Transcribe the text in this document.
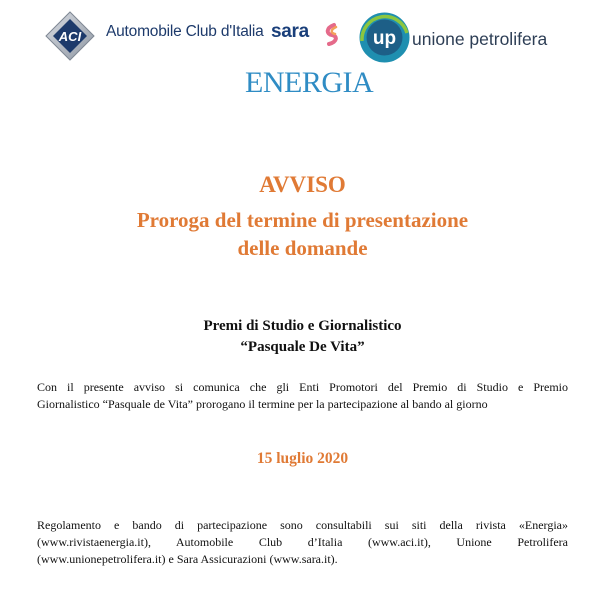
ACI Automobile Club d'Italia sara	up unione petrolifera
ENERGIA
AVVISO
Proroga del termine di presentazione
delle domande
Premi di Studio e Giornalistico
“Pasquale De Vita”
Con il presente avviso si comunica che gli Enti Promotori del Premio di Studio e Premio
Giornalistico “Pasquale de Vita” prorogano il termine per la partecipazione al bando al giorno
15 luglio 2020
Regolamento e bando di partecipazione sono consultabili sui siti della rivista «Energia»
(www.rivistaenergia.it), Automobile Club d’Italia (www.aci.it), Unione Petrolifera
(www.unionepetrolifera.it) e Sara Assicurazioni (www.sara.it).
